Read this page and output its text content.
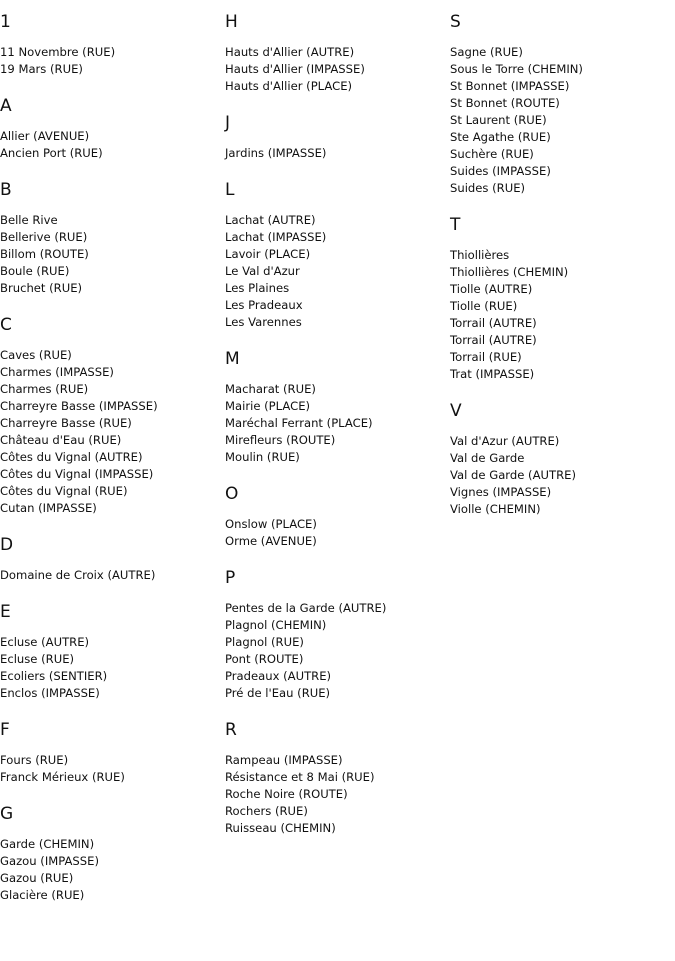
1
11 Novembre (RUE)
19 Mars (RUE)
A
Allier (AVENUE)
Ancien Port (RUE)
B
Belle Rive
Bellerive (RUE)
Billom (ROUTE)
Boule (RUE)
Bruchet (RUE)
C
Caves (RUE)
Charmes (IMPASSE)
Charmes (RUE)
Charreyre Basse (IMPASSE)
Charreyre Basse (RUE)
Château d'Eau (RUE)
Côtes du Vignal (AUTRE)
Côtes du Vignal (IMPASSE)
Côtes du Vignal (RUE)
Cutan (IMPASSE)
D
Domaine de Croix (AUTRE)
E
Ecluse (AUTRE)
Ecluse (RUE)
Ecoliers (SENTIER)
Enclos (IMPASSE)
F
Fours (RUE)
Franck Mérieux (RUE)
G
Garde (CHEMIN)
Gazou (IMPASSE)
Gazou (RUE)
Glacière (RUE)
H
Hauts d'Allier (AUTRE)
Hauts d'Allier (IMPASSE)
Hauts d'Allier (PLACE)
J
Jardins (IMPASSE)
L
Lachat (AUTRE)
Lachat (IMPASSE)
Lavoir (PLACE)
Le Val d'Azur
Les Plaines
Les Pradeaux
Les Varennes
M
Macharat (RUE)
Mairie (PLACE)
Maréchal Ferrant (PLACE)
Mirefleurs (ROUTE)
Moulin (RUE)
O
Onslow (PLACE)
Orme (AVENUE)
P
Pentes de la Garde (AUTRE)
Plagnol (CHEMIN)
Plagnol (RUE)
Pont (ROUTE)
Pradeaux (AUTRE)
Pré de l'Eau (RUE)
R
Rampeau (IMPASSE)
Résistance et 8 Mai (RUE)
Roche Noire (ROUTE)
Rochers (RUE)
Ruisseau (CHEMIN)
S
Sagne (RUE)
Sous le Torre (CHEMIN)
St Bonnet (IMPASSE)
St Bonnet (ROUTE)
St Laurent (RUE)
Ste Agathe (RUE)
Suchère (RUE)
Suides (IMPASSE)
Suides (RUE)
T
Thiollières
Thiollières (CHEMIN)
Tiolle (AUTRE)
Tiolle (RUE)
Torrail (AUTRE)
Torrail (AUTRE)
Torrail (RUE)
Trat (IMPASSE)
V
Val d'Azur (AUTRE)
Val de Garde
Val de Garde (AUTRE)
Vignes (IMPASSE)
Violle (CHEMIN)
